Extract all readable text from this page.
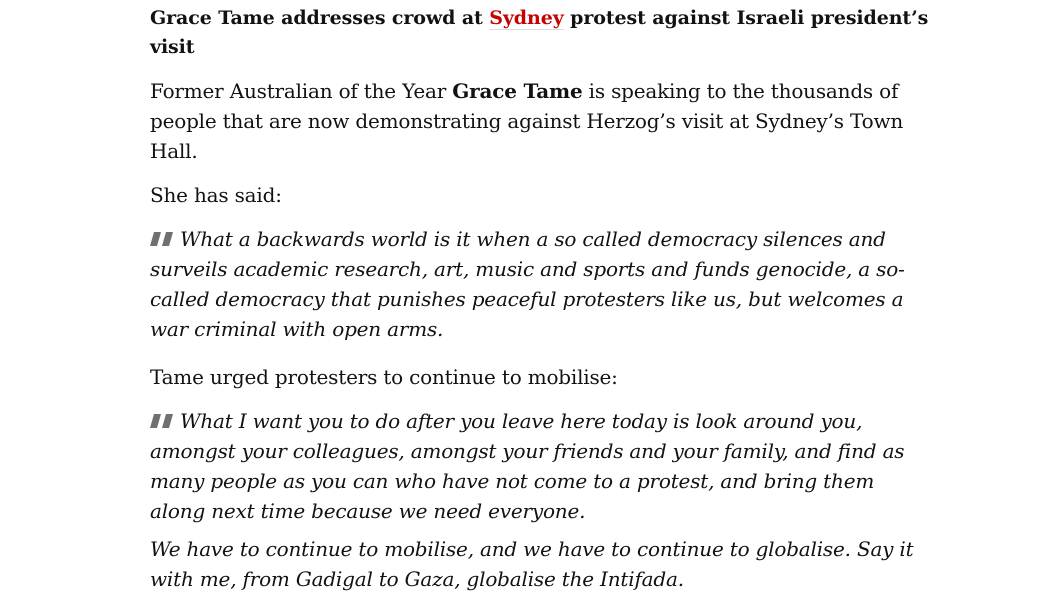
Grace Tame addresses crowd at Sydney protest against Israeli president’s visit

Former Australian of the Year Grace Tame is speaking to the thousands of people that are now demonstrating against Herzog’s visit at Sydney’s Town Hall.

She has said:

What a backwards world is it when a so called democracy silences and surveils academic research, art, music and sports and funds genocide, a so-called democracy that punishes peaceful protesters like us, but welcomes a war criminal with open arms.

Tame urged protesters to continue to mobilise:

What I want you to do after you leave here today is look around you, amongst your colleagues, amongst your friends and your family, and find as many people as you can who have not come to a protest, and bring them along next time because we need everyone.

We have to continue to mobilise, and we have to continue to globalise. Say it with me, from Gadigal to Gaza, globalise the Intifada.
